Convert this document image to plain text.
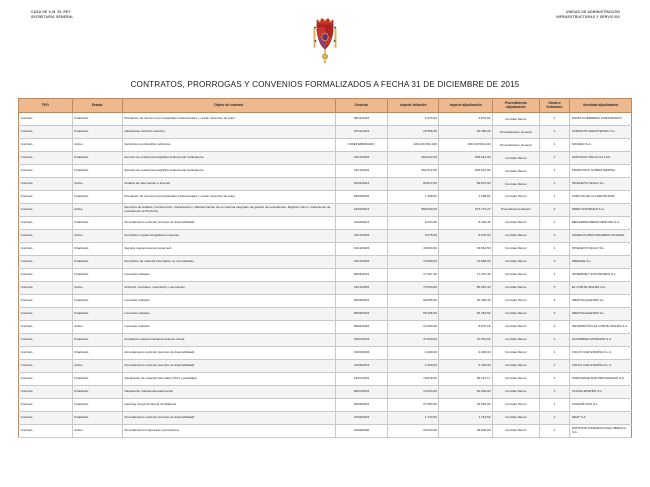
CASA DE S.M. EL REY
SECRETARÍA GENERAL
UNIDAD DE ADMINISTRACIÓN
INFRAESTRUCTURAS Y SERVICIOS
CONTRATOS, PRORROGAS Y CONVENIOS FORMALIZADOS A FECHA 31 DE DICIEMBRE DE 2015
TIPO	Estado	Objeto del contrato	Duración	Importe licitación	Importe adjudicación	Procedimiento adjudicación	Número licitadores	Identidad adjudicataria
Contrato	Finalizado	Prestación de servicio post fotografías institucionales y cesión derechos de autor	05/11/2014	1.879,94	1.879,94	Contrato Menor	1	SONIA GUERRERO ZURZAPRETO
Contrato	Finalizado	Adquisición vehículo eléctrico	15/11/2014	20.356,25	20.356,25	Procedimiento General	1	COMANTIV ENDOTECNIC S.L.
Contrato	Activo	Suministro combustible vehículos	INDETERMINADO	180.240.594,440	180.240.594,440	Procedimiento General	1	SOLRED S.A.
Contrato	Finalizado	Servicio de cobertura fotográfica institucional multisoporte	31/12/2015	652.612,00	652.612,00	Contrato Menor	1	SANTIAGO ROLIA GA LAO
Contrato	Finalizado	Servicio de cobertura fotográfica institucional multisoporte	31/12/2015	652.612,00	652.612,00	Contrato Menor	1	FRANCISCO GÓMEZ MEDINA
Contrato	Activo	Análisis de información e Internet	04/01/2014	69.872,00	69.872,00	Contrato Menor	1	INTELECTA SIGLO S.L.
Contrato	Finalizado	Prestación de servicio post fotografías institucionales y cesión derechos de autor	09/03/2015	1.188,81	1.188,81	Contrato Menor	1	CARLOS DE LA FUENTE BAR
Contrato	Activo	Servicios de Análisis, Construcción, Implantación y Mantenimiento de un sistema integrado de gestión de expedientes, Registro único y tratamiento de expedientes (LITIGA3.0)	24/03/2014	880.000,00	574.772,27	Procedimiento Abierto	4	INDRA SISTEMAS S.A.
Contrato	Finalizado	Arrendamiento vehículo (servicio de disponibilidad)	31/03/2014	8.434,46	8.434,46	Contrato Menor	1	MERCEDES-BENZ RENTING S.A.
Contrato	Activo	Suministro copias fotográficas impresas	31/12/2015	6.075,00	6.075,00	Contrato Menor	3	JAVIER DURÁN MOLERNO ZOGRAF
Contrato	Finalizado	Soporte mantenimiento portal web	31/12/2015	39.844,50	39.844,50	Contrato Menor	1	INTELECTA SIGLO S.L.
Contrato	Finalizado	Suministro de material informático no inventariable	31/12/2015	13.999,00	12.668,03	Contrato Menor	3	IDENASE S.L.
Contrato	Finalizado	Licencias software	08/05/2015	17.297,46	17.297,46	Contrato Menor	1	INTERPRET SOFTWORKS S.L.
Contrato	Activo	Vehículo: contratos, suministro y renovación	31/12/2015	73.593,00	55.051,40	Contrato Menor	5	EL CORTE INGLÉS S.A.
Contrato	Finalizado	Licencias software	05/05/2015	50.835,00	46.428,35	Contrato Menor	3	IDEATSA ELENSIS S.L.
Contrato	Finalizado	Licencias software	05/05/2015	55.495,00	52.463,54	Contrato Menor	3	IDEATSA ELENSIS S.L.
Contrato	Activo	Licencias software	08/04/2015	24.390,00	8.607,18	Contrato Menor	3	INFORMÁTICA EL CORTE INGLÉS S.A.
Contrato	Finalizado	Ampliación solución almacenamiento virtual	04/07/2015	37.830,00	27.031,62	Contrato Menor	1	ALHAMBRA SISTEMAS S.A.
Contrato	Finalizado	Arrendamiento vehículo (servicio de disponibilidad)	31/03/2015	2.400,00	2.400,00	Contrato Menor	1	VOLVO CAR ESPAÑA S.L.U.
Contrato	Activo	Arrendamiento vehículo (servicio de disponibilidad)	31/05/2014	2.400,00	2.400,00	Contrato Menor	1	VOLVO CAR ESPAÑA S.L.U.
Contrato	Finalizado	Adquisición de material informático (PCs y pantallas)	13/07/2015	79.818,00	48.227,17	Contrato Menor	3	HARDWARE AND PROGRAMAS S.A.
Contrato	Finalizado	Adquisición maquinaria automoción	08/07/2015	13.234,00	10.326,00	Contrato Menor	3	TAJASA RIMPRO S.L.
Contrato	Finalizado	Catering recepción Reina de Mallorca	05/08/2015	27.500,00	29.554,00	Contrato Menor	1	CANAPÉ PRO S.L.
Contrato	Finalizado	Arrendamiento vehículo (servicio de disponibilidad)	07/06/2015	1.743,52	1.743,52	Contrato Menor	1	SEAT S.A.
Contrato	Activo	Arrendamiento impresoras (renovación)	01/06/2020	29.630,00	29.630,00	Contrato Menor	1	RATHONS INTERNACIONAL IBÉRICA S.A.
